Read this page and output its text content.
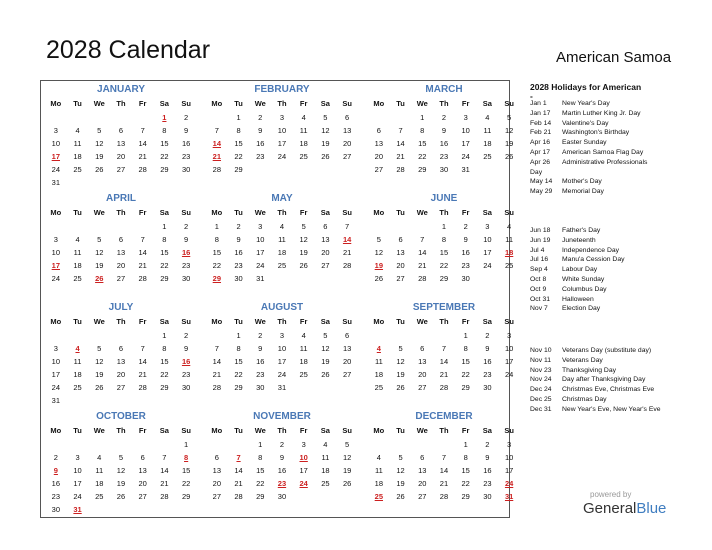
2028 Calendar	American Samoa
JANUARY
Mo	Tu	We	Th	Fr	Sa	Su
					1	2
3	4	5	6	7	8	9
10	11	12	13	14	15	16
17	18	19	20	21	22	23
24	25	26	27	28	29	30
31						
FEBRUARY
Mo	Tu	We	Th	Fr	Sa	Su
	1	2	3	4	5	6
7	8	9	10	11	12	13
14	15	16	17	18	19	20
21	22	23	24	25	26	27
28	29					
MARCH
Mo	Tu	We	Th	Fr	Sa	Su
		1	2	3	4	5
6	7	8	9	10	11	12
13	14	15	16	17	18	19
20	21	22	23	24	25	26
27	28	29	30	31		
APRIL
Mo	Tu	We	Th	Fr	Sa	Su
					1	2
3	4	5	6	7	8	9
10	11	12	13	14	15	16
17	18	19	20	21	22	23
24	25	26	27	28	29	30
MAY
Mo	Tu	We	Th	Fr	Sa	Su
1	2	3	4	5	6	7
8	9	10	11	12	13	14
15	16	17	18	19	20	21
22	23	24	25	26	27	28
29	30	31				
JUNE
Mo	Tu	We	Th	Fr	Sa	Su
			1	2	3	4
5	6	7	8	9	10	11
12	13	14	15	16	17	18
19	20	21	22	23	24	25
26	27	28	29	30		
JULY
Mo	Tu	We	Th	Fr	Sa	Su
					1	2
3	4	5	6	7	8	9
10	11	12	13	14	15	16
17	18	19	20	21	22	23
24	25	26	27	28	29	30
31						
AUGUST
Mo	Tu	We	Th	Fr	Sa	Su
	1	2	3	4	5	6
7	8	9	10	11	12	13
14	15	16	17	18	19	20
21	22	23	24	25	26	27
28	29	30	31			
SEPTEMBER
Mo	Tu	We	Th	Fr	Sa	Su
				1	2	3
4	5	6	7	8	9	10
11	12	13	14	15	16	17
18	19	20	21	22	23	24
25	26	27	28	29	30	
OCTOBER
Mo	Tu	We	Th	Fr	Sa	Su
						1
2	3	4	5	6	7	8
9	10	11	12	13	14	15
16	17	18	19	20	21	22
23	24	25	26	27	28	29
30	31					
NOVEMBER
Mo	Tu	We	Th	Fr	Sa	Su
		1	2	3	4	5
6	7	8	9	10	11	12
13	14	15	16	17	18	19
20	21	22	23	24	25	26
27	28	29	30			
DECEMBER
Mo	Tu	We	Th	Fr	Sa	Su
				1	2	3
4	5	6	7	8	9	10
11	12	13	14	15	16	17
18	19	20	21	22	23	24
25	26	27	28	29	30	31
2028 Holidays for American
-
Jan 1	New Year's Day
Jan 17	Martin Luther King Jr. Day
Feb 14	Valentine's Day
Feb 21	Washington's Birthday
Apr 16	Easter Sunday
Apr 17	American Samoa Flag Day
Apr 26	Administrative Professionals
Day
May 14	Mother's Day
May 29	Memorial Day
Jun 18	Father's Day
Jun 19	Juneteenth
Jul 4	Independence Day
Jul 16	Manu'a Cession Day
Sep 4	Labour Day
Oct 8	White Sunday
Oct 9	Columbus Day
Oct 31	Halloween
Nov 7	Election Day
Nov 10	Veterans Day (substitute day)
Nov 11	Veterans Day
Nov 23	Thanksgiving Day
Nov 24	Day after Thanksgiving Day
Dec 24	Christmas Eve, Christmas Eve
Dec 25	Christmas Day
Dec 31	New Year's Eve, New Year's Eve
powered by
GeneralBlue
